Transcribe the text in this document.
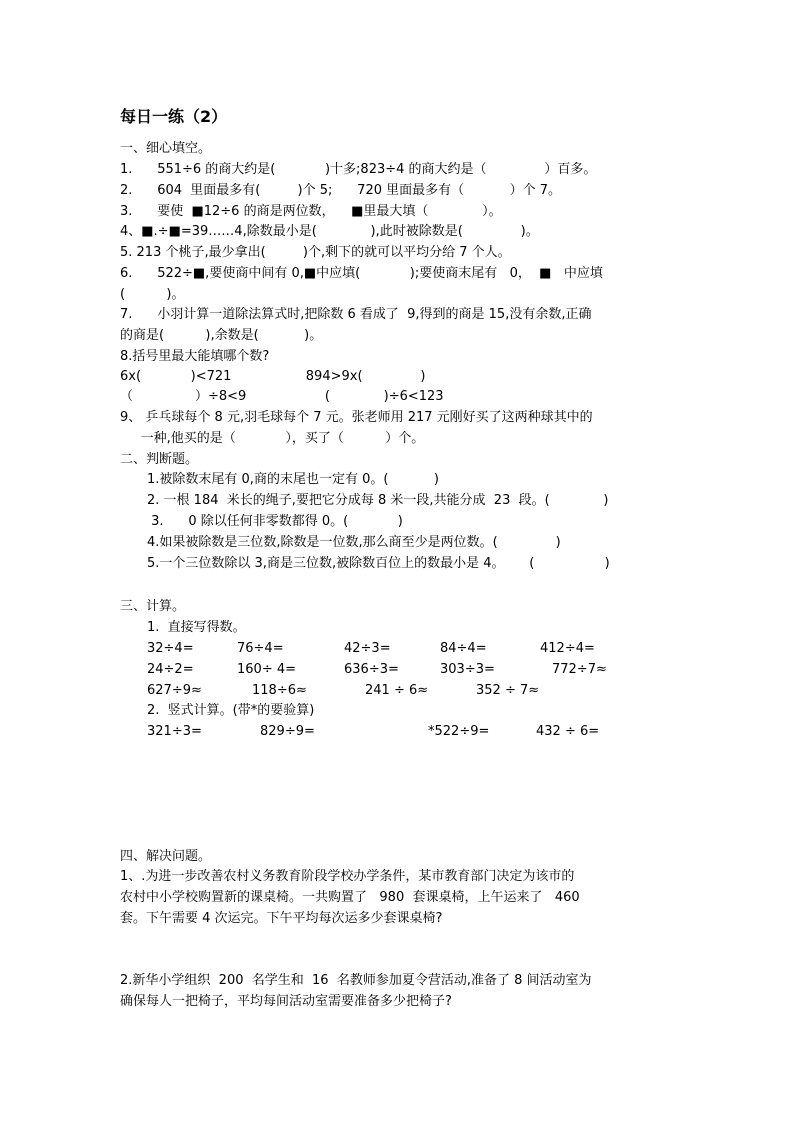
每日一练（2）
一、细心填空。
1.      551÷6 的商大约是(            )十多;823÷4 的商大约是（              ）百多。
2.      604  里面最多有(         )个 5;      720 里面最多有（           ）个 7。
3.      要使  ■12÷6 的商是两位数，    ■里最大填（             ）。
4、■.÷■=39……4,除数最小是(             ),此时被除数是(              )。
5. 213 个桃子,最少拿出(         )个,剩下的就可以平均分给 7 个人。
6.      522÷■,要使商中间有 0,■中应填(            );要使商末尾有   0，  ■   中应填
(          )。
7.      小羽计算一道除法算式时,把除数 6 看成了  9,得到的商是 15,没有余数,正确
的商是(          ),余数是(           )。
8.括号里最大能填哪个数?
6x(            )<721                  894>9x(              )
（               ）÷8<9                   (             )÷6<123
9、 乒乓球每个 8 元,羽毛球每个 7 元。张老师用 217 元刚好买了这两种球其中的
一种,他买的是（            ），买了（          ）个。
二、判断题。
1.被除数末尾有 0,商的末尾也一定有 0。(           )
2. 一根 184  米长的绳子,要把它分成每 8 米一段,共能分成  23  段。(             )
3.      0 除以任何非零数都得 0。(            )
4.如果被除数是三位数,除数是一位数,那么商至少是两位数。(              )
5.一个三位数除以 3,商是三位数,被除数百位上的数最小是 4。      (                 )
三、计算。
1.  直接写得数。
32÷4=	76÷4=	42÷3=	84÷4=	412÷4=
24÷2=	160÷ 4=	636÷3=	303÷3=	772÷7≈
627÷9≈	118÷6≈	241 ÷ 6≈	352 ÷ 7≈
2.  竖式计算。(带*的要验算)
321÷3=	829÷9=	*522÷9=	432 ÷ 6=
四、解决问题。
1、.为进一步改善农村义务教育阶段学校办学条件，某市教育部门决定为该市的
农村中小学校购置新的课桌椅。一共购置了   980  套课桌椅，上午运来了   460
套。下午需要 4 次运完。下午平均每次运多少套课桌椅?
2.新华小学组织  200  名学生和  16  名教师参加夏令营活动,准备了 8 间活动室为
确保每人一把椅子，平均每间活动室需要准备多少把椅子?
